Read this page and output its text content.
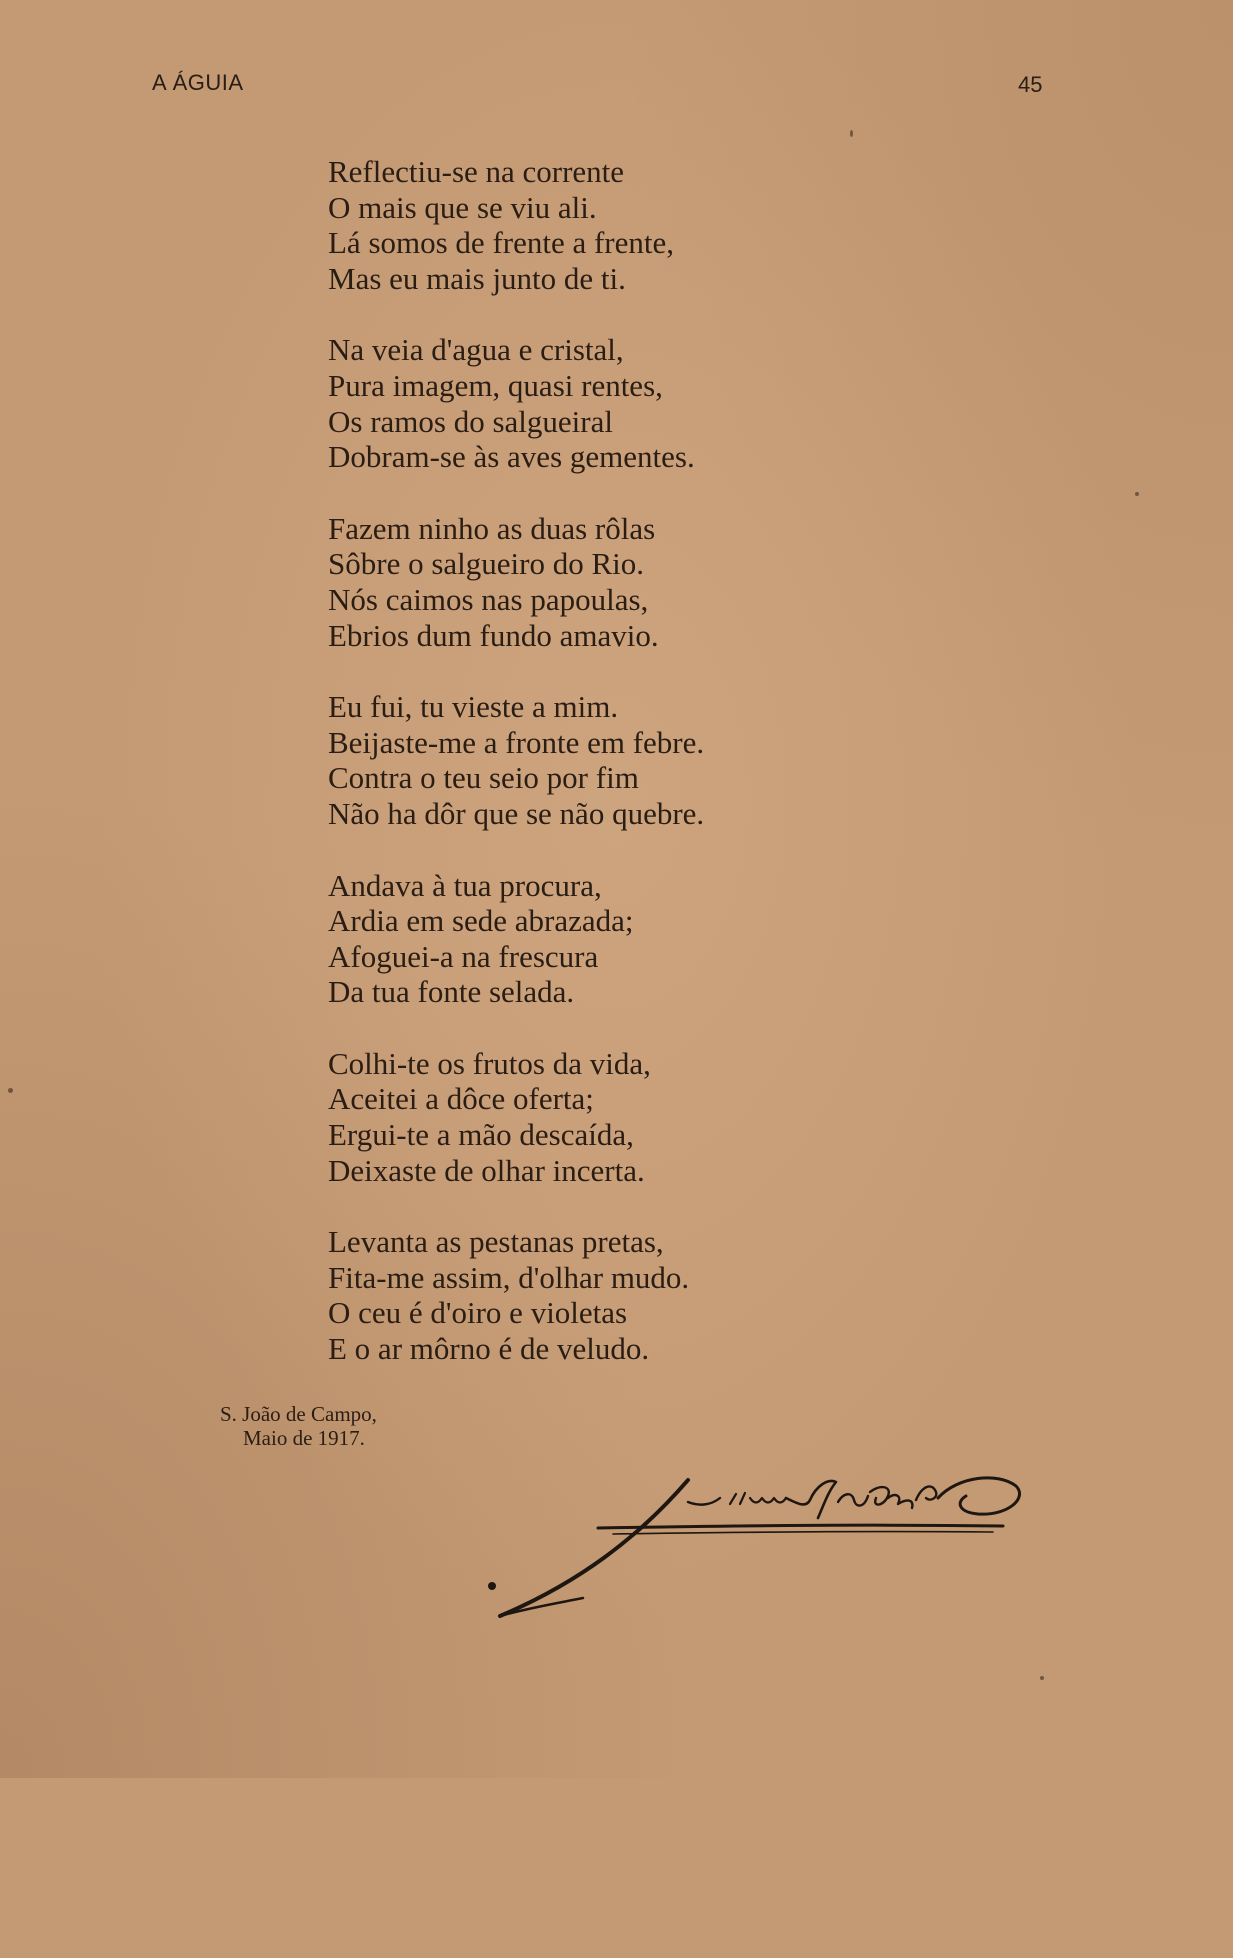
A ÁGUIA	45
Reflectiu-se na corrente
O mais que se viu ali.
Lá somos de frente a frente,
Mas eu mais junto de ti.
Na veia d'agua e cristal,
Pura imagem, quasi rentes,
Os ramos do salgueiral
Dobram-se às aves gementes.
Fazem ninho as duas rôlas
Sôbre o salgueiro do Rio.
Nós caimos nas papoulas,
Ebrios dum fundo amavio.
Eu fui, tu vieste a mim.
Beijaste-me a fronte em febre.
Contra o teu seio por fim
Não ha dôr que se não quebre.
Andava à tua procura,
Ardia em sede abrazada;
Afoguei-a na frescura
Da tua fonte selada.
Colhi-te os frutos da vida,
Aceitei a dôce oferta;
Ergui-te a mão descaída,
Deixaste de olhar incerta.
Levanta as pestanas pretas,
Fita-me assim, d'olhar mudo.
O ceu é d'oiro e violetas
E o ar môrno é de veludo.
S. João de Campo,
Maio de 1917.
